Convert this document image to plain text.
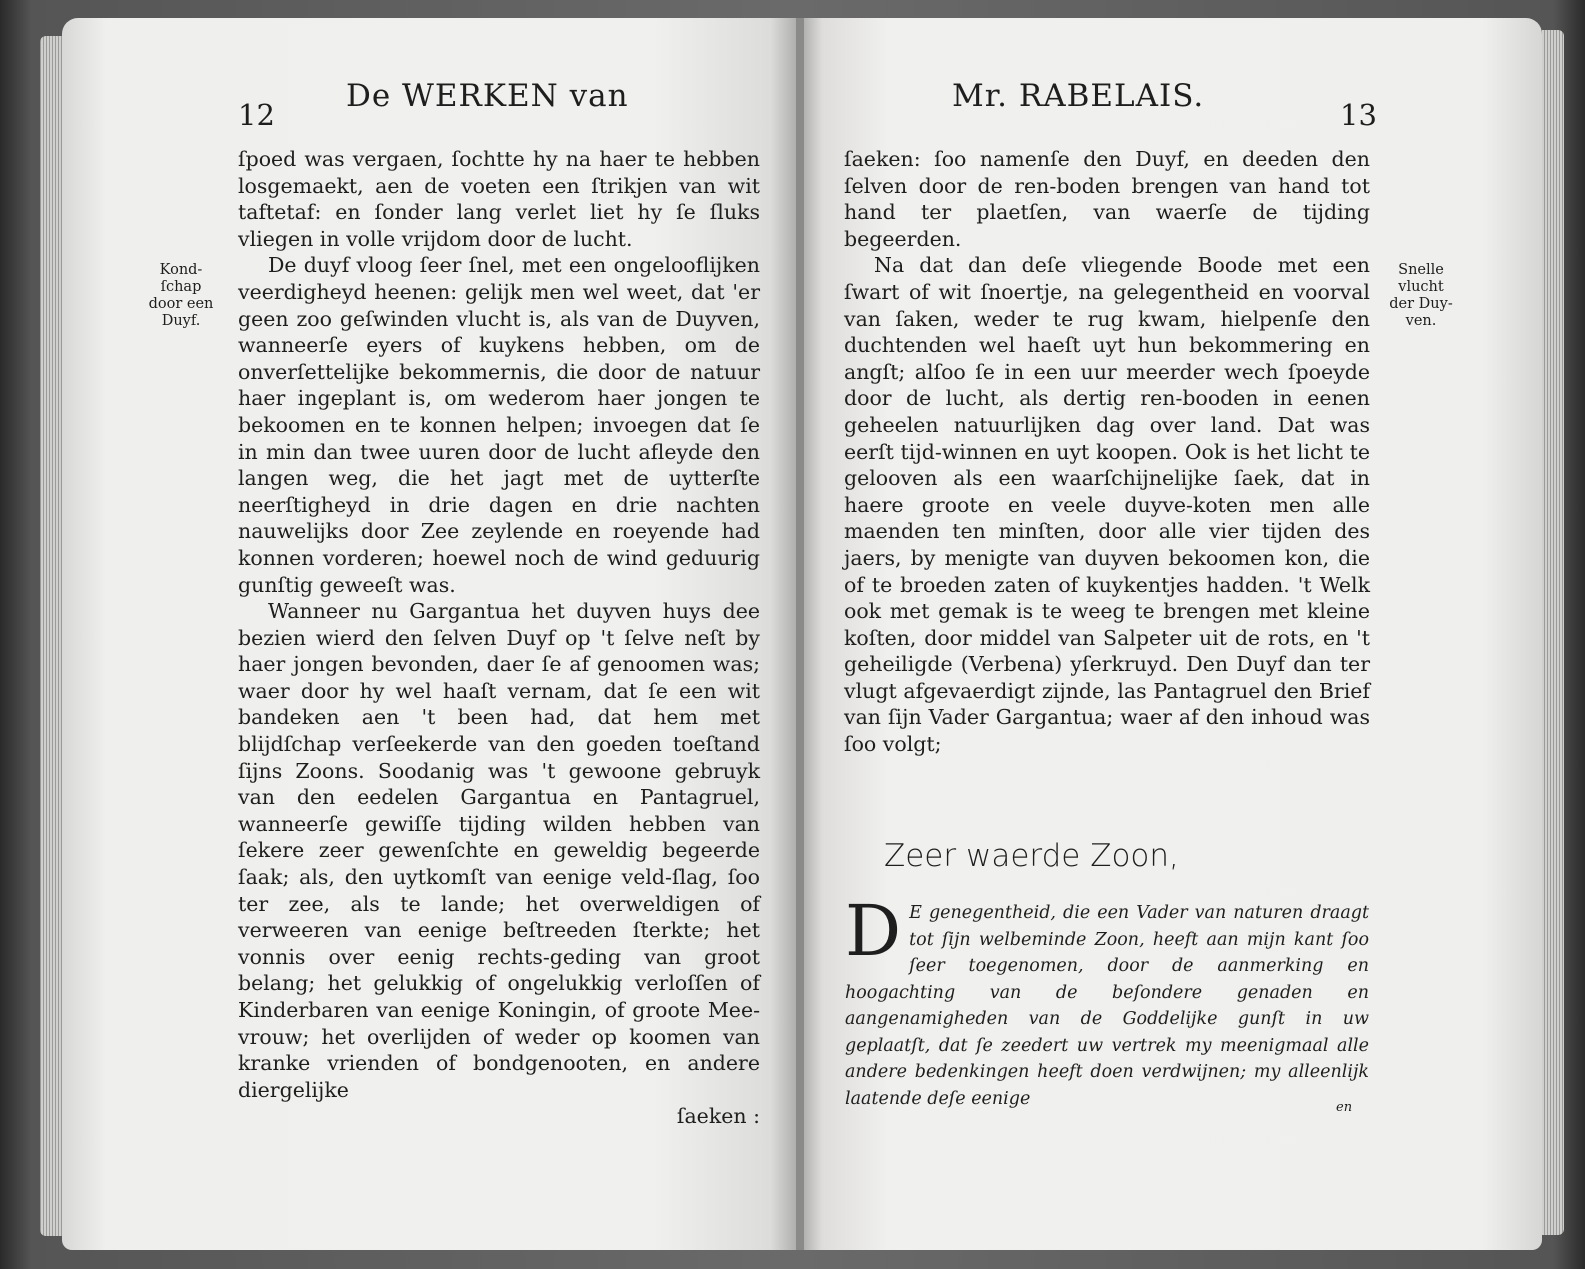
12
De WERKEN van
Kond-
ſchap
door een
Duyf.

ſpoed was vergaen, ſochtte hy na haer te hebben losgemaekt, aen de voeten een ſtrikjen van wit taftetaf: en ſonder lang verlet liet hy ſe ſluks vliegen in volle vrijdom door de lucht.

De duyf vloog ſeer ſnel, met een ongelooflijken veerdigheyd heenen: gelijk men wel weet, dat 'er geen zoo geſwinden vlucht is, als van de Duyven, wanneerſe eyers of kuykens hebben, om de onverſettelijke bekommernis, die door de natuur haer ingeplant is, om wederom haer jongen te bekoomen en te konnen helpen; invoegen dat ſe in min dan twee uuren door de lucht afleyde den langen weg, die het jagt met de uytterſte neerſtigheyd in drie dagen en drie nachten nauwelijks door Zee zeylende en roeyende had konnen vorderen; hoewel noch de wind geduurig gunſtig geweeſt was.

Wanneer nu Gargantua het duyven huys dee bezien wierd den ſelven Duyf op 't ſelve neſt by haer jongen bevonden, daer ſe af genoomen was; waer door hy wel haaſt vernam, dat ſe een wit bandeken aen 't been had, dat hem met blijdſchap verſeekerde van den goeden toeſtand ſijns Zoons. Soodanig was 't gewoone gebruyk van den eedelen Gargantua en Pantagruel, wanneerſe gewiſſe tijding wilden hebben van ſekere zeer gewenſchte en geweldig begeerde ſaak; als, den uytkomſt van eenige veld-ſlag, ſoo ter zee, als te lande; het overweldigen of verweeren van eenige beſtreeden ſterkte; het vonnis over eenig rechts-geding van groot belang; het gelukkig of ongelukkig verloſſen of Kinderbaren van eenige Koningin, of groote Mee-vrouw; het overlijden of weder op koomen van kranke vrienden of bondgenooten, en andere diergelijke

ſaeken :

Mr. RABELAIS.
13
Snelle
vlucht
der Duy-
ven.

ſaeken: ſoo namenſe den Duyf, en deeden den ſelven door de ren-boden brengen van hand tot hand ter plaetſen, van waerſe de tijding begeerden.

Na dat dan deſe vliegende Boode met een ſwart of wit ſnoertje, na gelegentheid en voorval van ſaken, weder te rug kwam, hielpenſe den duchtenden wel haeſt uyt hun bekommering en angſt; alſoo ſe in een uur meerder wech ſpoeyde door de lucht, als dertig ren-booden in eenen geheelen natuurlijken dag over land. Dat was eerſt tijd-winnen en uyt koopen. Ook is het licht te gelooven als een waarſchijnelijke ſaek, dat in haere groote en veele duyve-koten men alle maenden ten minſten, door alle vier tijden des jaers, by menigte van duyven bekoomen kon, die of te broeden zaten of kuykentjes hadden. 't Welk ook met gemak is te weeg te brengen met kleine koſten, door middel van Salpeter uit de rots, en 't geheiligde (Verbena) yſerkruyd. Den Duyf dan ter vlugt afgevaerdigt zijnde, las Pantagruel den Brief van ſijn Vader Gargantua; waer af den inhoud was ſoo volgt;

Zeer waerde Zoon,
D E genegentheid, die een Vader van naturen draagt tot ſijn welbeminde Zoon, heeft aan mijn kant ſoo ſeer toegenomen, door de aanmerking en hoogachting van de beſondere genaden en aangenamigheden van de Goddelijke gunſt in uw geplaatſt, dat ſe zeedert uw vertrek my meenigmaal alle andere bedenkingen heeft doen verdwijnen; my alleenlijk laatende deſe eenige	en
